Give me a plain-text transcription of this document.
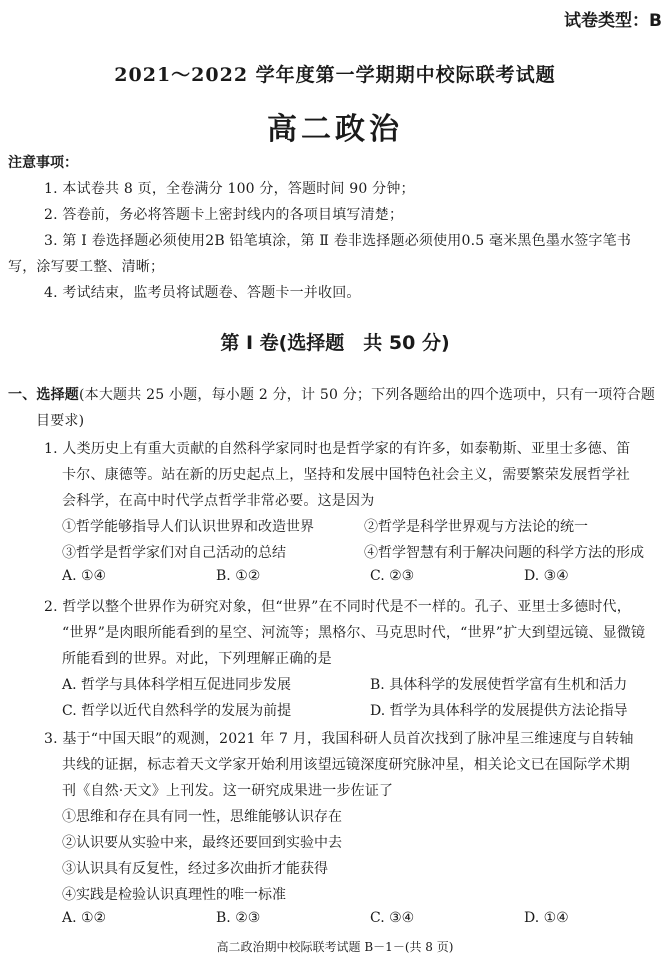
试卷类型：B
2021～2022 学年度第一学期期中校际联考试题
高二政治
注意事项：
1. 本试卷共 8 页，全卷满分 100 分，答题时间 90 分钟；
2. 答卷前，务必将答题卡上密封线内的各项目填写清楚；
3. 第 Ⅰ 卷选择题必须使用2B 铅笔填涂，第 Ⅱ 卷非选择题必须使用0.5 毫米黑色墨水签字笔书
写，涂写要工整、清晰；
4. 考试结束，监考员将试题卷、答题卡一并收回。
第 Ⅰ 卷(选择题　共 50 分)
一、选择题(本大题共 25 小题，每小题 2 分，计 50 分；下列各题给出的四个选项中，只有一项符合题
目要求)
1. 人类历史上有重大贡献的自然科学家同时也是哲学家的有许多，如泰勒斯、亚里士多德、笛
卡尔、康德等。站在新的历史起点上，坚持和发展中国特色社会主义，需要繁荣发展哲学社
会科学，在高中时代学点哲学非常必要。这是因为
①哲学能够指导人们认识世界和改造世界	②哲学是科学世界观与方法论的统一
③哲学是哲学家们对自己活动的总结	④哲学智慧有利于解决问题的科学方法的形成
A. ①④	B. ①②	C. ②③	D. ③④
2. 哲学以整个世界作为研究对象，但“世界”在不同时代是不一样的。孔子、亚里士多德时代，
“世界”是肉眼所能看到的星空、河流等；黑格尔、马克思时代，“世界”扩大到望远镜、显微镜
所能看到的世界。对此，下列理解正确的是
A. 哲学与具体科学相互促进同步发展	B. 具体科学的发展使哲学富有生机和活力
C. 哲学以近代自然科学的发展为前提	D. 哲学为具体科学的发展提供方法论指导
3. 基于“中国天眼”的观测，2021 年 7 月，我国科研人员首次找到了脉冲星三维速度与自转轴
共线的证据，标志着天文学家开始利用该望远镜深度研究脉冲星，相关论文已在国际学术期
刊《自然·天文》上刊发。这一研究成果进一步佐证了
①思维和存在具有同一性，思维能够认识存在
②认识要从实验中来，最终还要回到实验中去
③认识具有反复性，经过多次曲折才能获得
④实践是检验认识真理性的唯一标准
A. ①②	B. ②③	C. ③④	D. ①④
高二政治期中校际联考试题 B－1－(共 8 页)
